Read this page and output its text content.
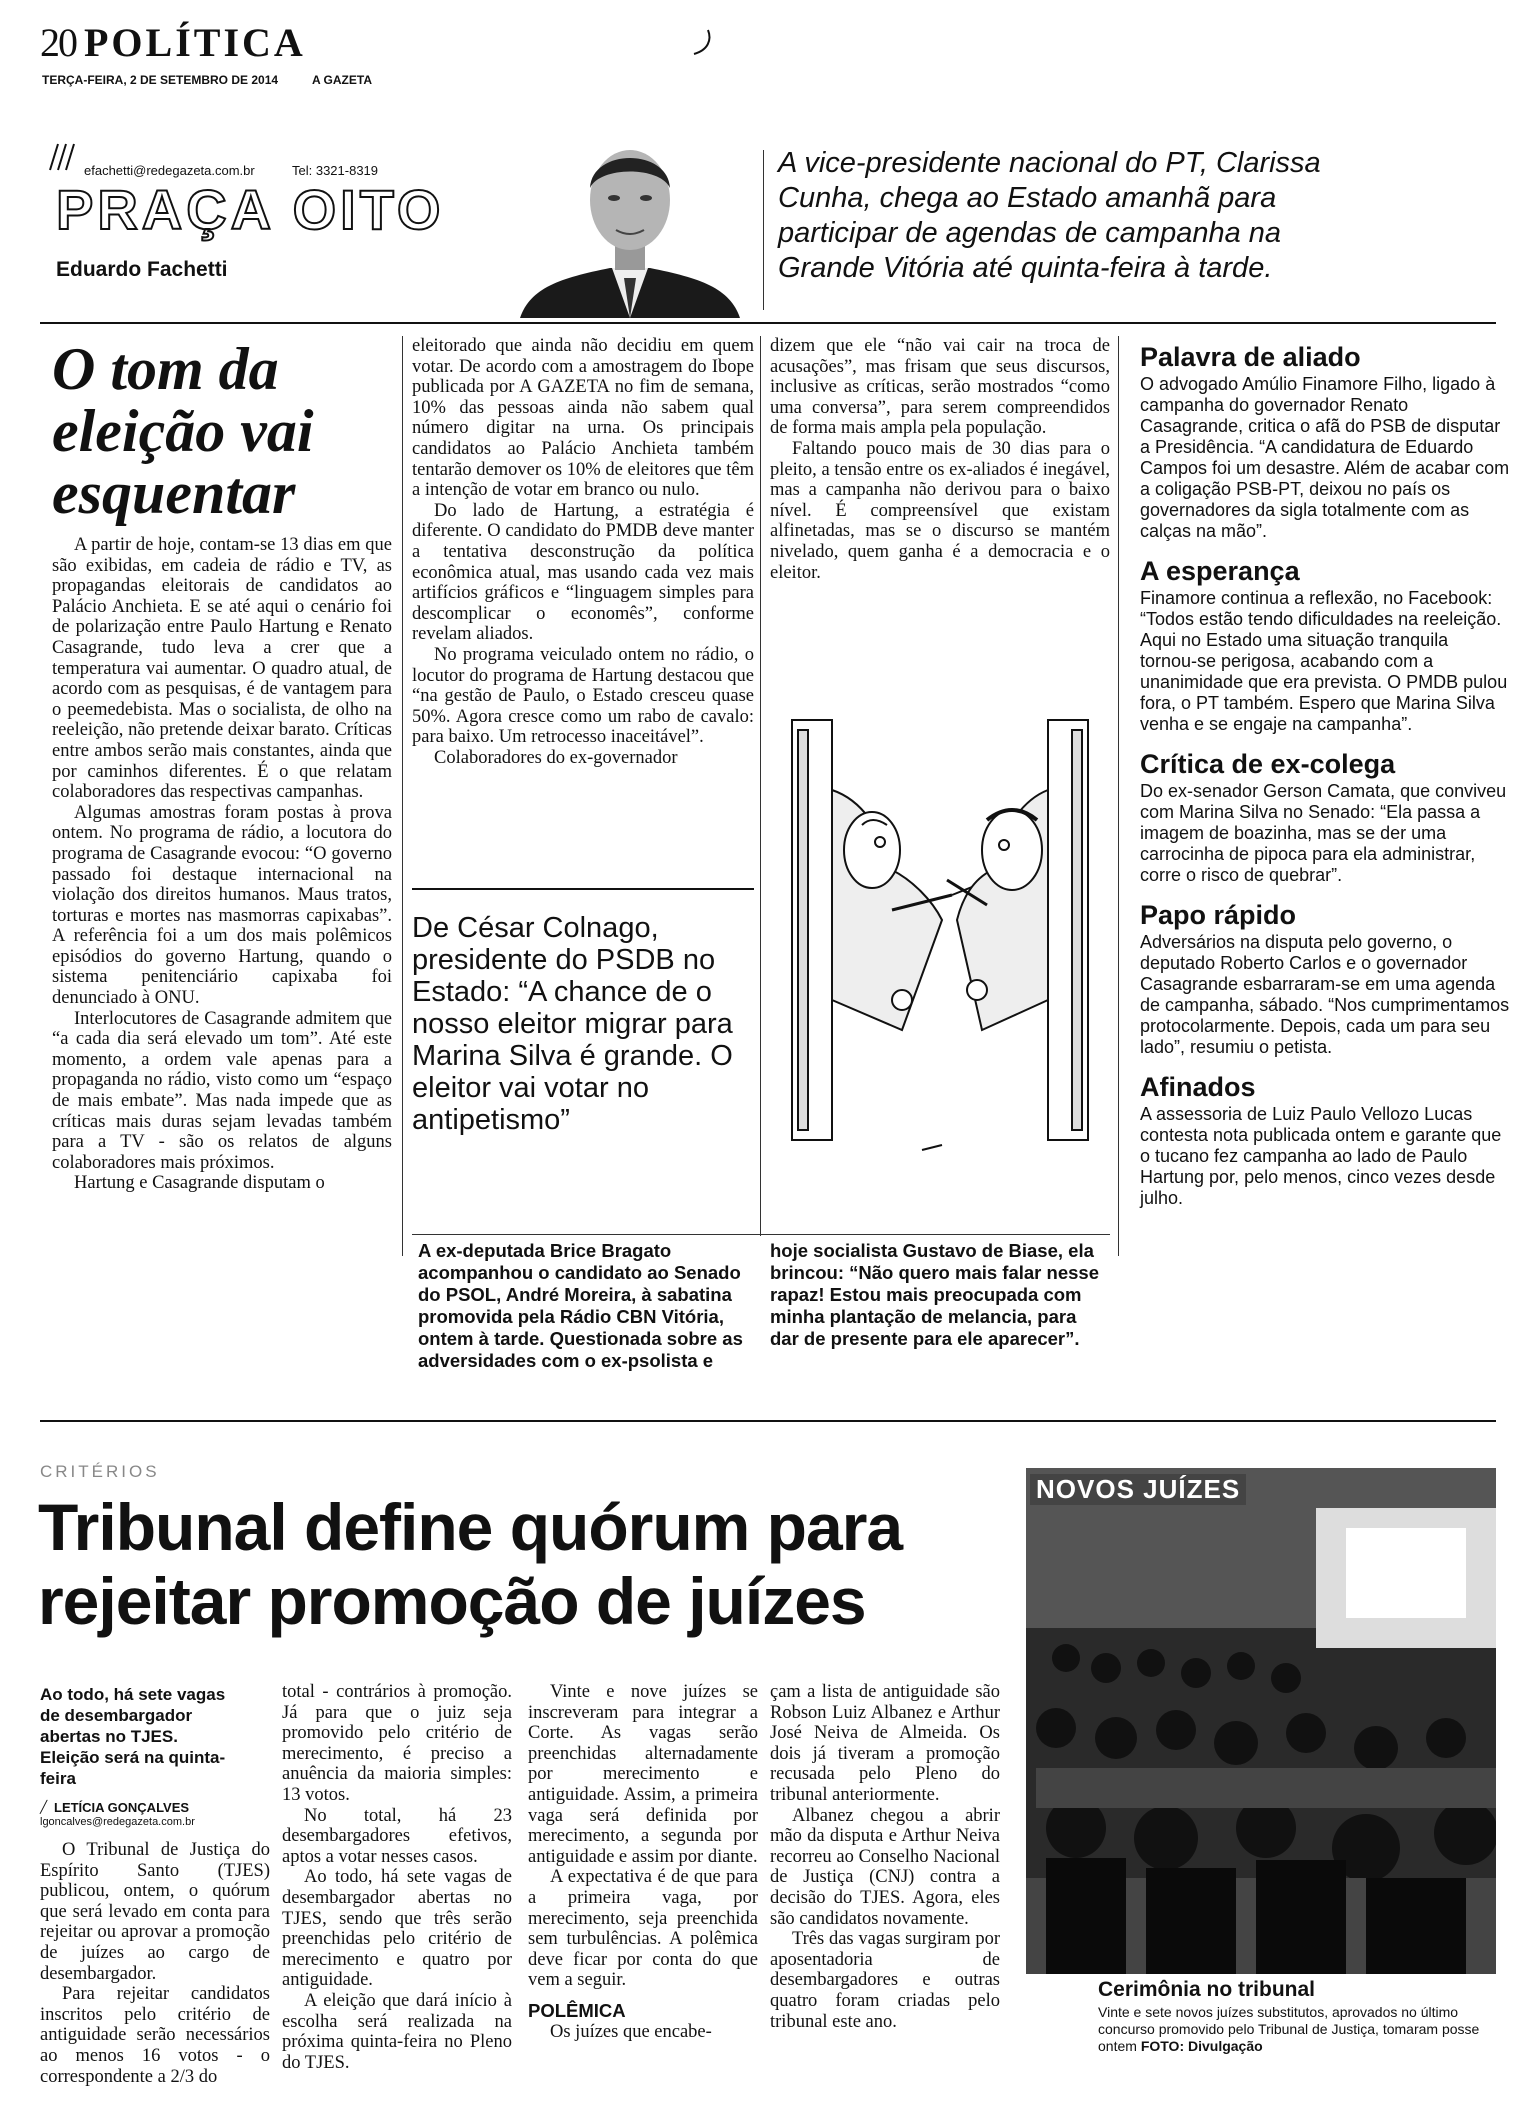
20 POLÍTICA
TERÇA-FEIRA, 2 DE SETEMBRO DE 2014	A GAZETA
efachetti@redegazeta.com.br	Tel: 3321-8319
PRAÇA OITO
Eduardo Fachetti
A vice-presidente nacional do PT, Clarissa Cunha, chega ao Estado amanhã para participar de agendas de campanha na Grande Vitória até quinta-feira à tarde.
O tom da eleição vai esquentar

A partir de hoje, contam-se 13 dias em que são exibidas, em cadeia de rádio e TV, as propagandas eleitorais de candidatos ao Palácio Anchieta. E se até aqui o cenário foi de polarização entre Paulo Hartung e Renato Casagrande, tudo leva a crer que a temperatura vai aumentar. O quadro atual, de acordo com as pesquisas, é de vantagem para o peemedebista. Mas o socialista, de olho na reeleição, não pretende deixar barato. Críticas entre ambos serão mais constantes, ainda que por caminhos diferentes. É o que relatam colaboradores das respectivas campanhas.

Algumas amostras foram postas à prova ontem. No programa de rádio, a locutora do programa de Casagrande evocou: “O governo passado foi destaque internacional na violação dos direitos humanos. Maus tratos, torturas e mortes nas masmorras capixabas”. A referência foi a um dos mais polêmicos episódios do governo Hartung, quando o sistema penitenciário capixaba foi denunciado à ONU.

Interlocutores de Casagrande admitem que “a cada dia será elevado um tom”. Até este momento, a ordem vale apenas para a propaganda no rádio, visto como um “espaço de mais embate”. Mas nada impede que as críticas mais duras sejam levadas também para a TV - são os relatos de alguns colaboradores mais próximos.

Hartung e Casagrande disputam o

eleitorado que ainda não decidiu em quem votar. De acordo com a amostragem do Ibope publicada por A GAZETA no fim de semana, 10% das pessoas ainda não sabem qual número digitar na urna. Os principais candidatos ao Palácio Anchieta também tentarão demover os 10% de eleitores que têm a intenção de votar em branco ou nulo.

Do lado de Hartung, a estratégia é diferente. O candidato do PMDB deve manter a tentativa desconstrução da política econômica atual, mas usando cada vez mais artifícios gráficos e “linguagem simples para descomplicar o economês”, conforme revelam aliados.

No programa veiculado ontem no rádio, o locutor do programa de Hartung destacou que “na gestão de Paulo, o Estado cresceu quase 50%. Agora cresce como um rabo de cavalo: para baixo. Um retrocesso inaceitável”.

Colaboradores do ex-governador

De César Colnago, presidente do PSDB no Estado: “A chance de o nosso eleitor migrar para Marina Silva é grande. O eleitor vai votar no antipetismo”

dizem que ele “não vai cair na troca de acusações”, mas frisam que seus discursos, inclusive as críticas, serão mostrados “como uma conversa”, para serem compreendidos de forma mais ampla pela população.

Faltando pouco mais de 30 dias para o pleito, a tensão entre os ex-aliados é inegável, mas a campanha não derivou para o baixo nível. É compreensível que existam alfinetadas, mas se o discurso se mantém nivelado, quem ganha é a democracia e o eleitor.

Palavra de aliado

O advogado Amúlio Finamore Filho, ligado à campanha do governador Renato Casagrande, critica o afã do PSB de disputar a Presidência. “A candidatura de Eduardo Campos foi um desastre. Além de acabar com a coligação PSB-PT, deixou no país os governadores da sigla totalmente com as calças na mão”.

A esperança

Finamore continua a reflexão, no Facebook: “Todos estão tendo dificuldades na reeleição. Aqui no Estado uma situação tranquila tornou-se perigosa, acabando com a unanimidade que era prevista. O PMDB pulou fora, o PT também. Espero que Marina Silva venha e se engaje na campanha”.

Crítica de ex-colega

Do ex-senador Gerson Camata, que conviveu com Marina Silva no Senado: “Ela passa a imagem de boazinha, mas se der uma carrocinha de pipoca para ela administrar, corre o risco de quebrar”.

Papo rápido

Adversários na disputa pelo governo, o deputado Roberto Carlos e o governador Casagrande esbarraram-se em uma agenda de campanha, sábado. “Nos cumprimentamos protocolarmente. Depois, cada um para seu lado”, resumiu o petista.

Afinados

A assessoria de Luiz Paulo Vellozo Lucas contesta nota publicada ontem e garante que o tucano fez campanha ao lado de Paulo Hartung por, pelo menos, cinco vezes desde julho.

A ex-deputada Brice Bragato acompanhou o candidato ao Senado do PSOL, André Moreira, à sabatina promovida pela Rádio CBN Vitória, ontem à tarde. Questionada sobre as adversidades com o ex-psolista e

hoje socialista Gustavo de Biase, ela brincou: “Não quero mais falar nesse rapaz! Estou mais preocupada com minha plantação de melancia, para dar de presente para ele aparecer”.

CRITÉRIOS
Tribunal define quórum para rejeitar promoção de juízes
Ao todo, há sete vagas de desembargador abertas no TJES. Eleição será na quinta-feira
╱ LETÍCIA GONÇALVES
lgoncalves@redegazeta.com.br

O Tribunal de Justiça do Espírito Santo (TJES) publicou, ontem, o quórum que será levado em conta para rejeitar ou aprovar a promoção de juízes ao cargo de desembargador.

Para rejeitar candidatos inscritos pelo critério de antiguidade serão necessários ao menos 16 votos - o correspondente a 2/3 do

total - contrários à promoção. Já para que o juiz seja promovido pelo critério de merecimento, é preciso a anuência da maioria simples: 13 votos.

No total, há 23 desembargadores efetivos, aptos a votar nesses casos.

Ao todo, há sete vagas de desembargador abertas no TJES, sendo que três serão preenchidas pelo critério de merecimento e quatro por antiguidade.

A eleição que dará início à escolha será realizada na próxima quinta-feira no Pleno do TJES.

Vinte e nove juízes se inscreveram para integrar a Corte. As vagas serão preenchidas alternadamente por merecimento e antiguidade. Assim, a primeira vaga será definida por merecimento, a segunda por antiguidade e assim por diante.

A expectativa é de que para a primeira vaga, por merecimento, seja preenchida sem turbulências. A polêmica deve ficar por conta do que vem a seguir.

POLÊMICA

Os juízes que encabe-

çam a lista de antiguidade são Robson Luiz Albanez e Arthur José Neiva de Almeida. Os dois já tiveram a promoção recusada pelo Pleno do tribunal anteriormente.

Albanez chegou a abrir mão da disputa e Arthur Neiva recorreu ao Conselho Nacional de Justiça (CNJ) contra a decisão do TJES. Agora, eles são candidatos novamente.

Três das vagas surgiram por aposentadoria de desembargadores e outras quatro foram criadas pelo tribunal este ano.

NOVOS JUÍZES
Cerimônia no tribunal
Vinte e sete novos juízes substitutos, aprovados no último concurso promovido pelo Tribunal de Justiça, tomaram posse ontem FOTO: Divulgação
